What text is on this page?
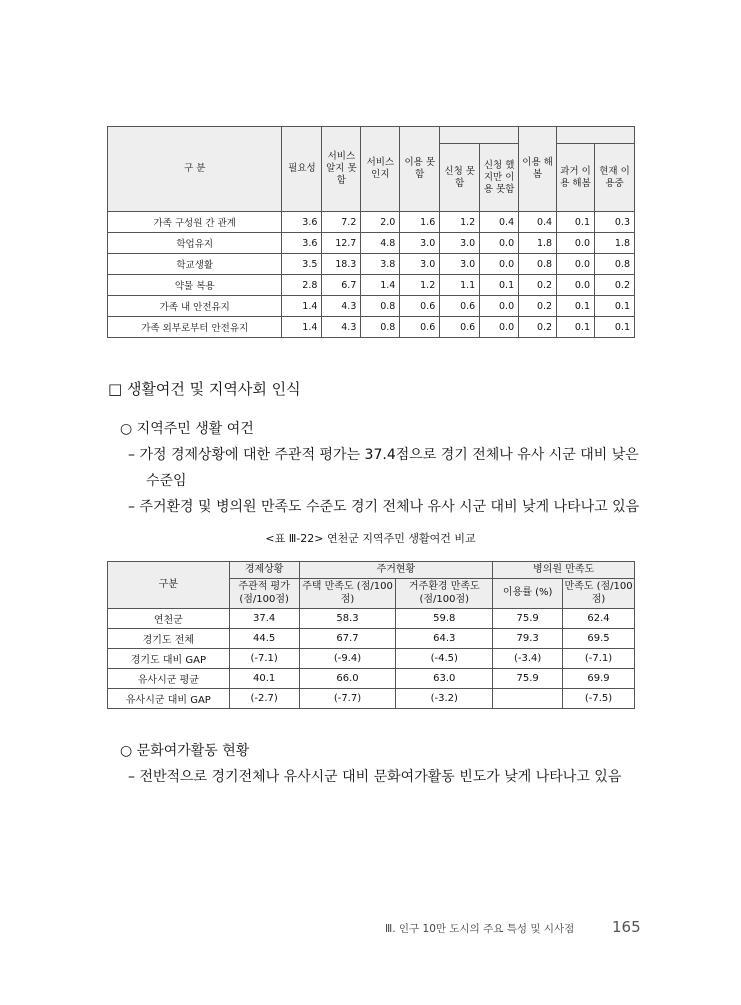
구 분	필요성	서비스 알지 못함	서비스 인지	이용 못함			이용 해봄		
					신청 못함	신청 했지만 이용 못함		과거 이용 해봄	현재 이용중
가족 구성원 간 관계	3.6	7.2	2.0	1.6	1.2	0.4	0.4	0.1	0.3
학업유지	3.6	12.7	4.8	3.0	3.0	0.0	1.8	0.0	1.8
학교생활	3.5	18.3	3.8	3.0	3.0	0.0	0.8	0.0	0.8
약물 복용	2.8	6.7	1.4	1.2	1.1	0.1	0.2	0.0	0.2
가족 내 안전유지	1.4	4.3	0.8	0.6	0.6	0.0	0.2	0.1	0.1
가족 외부로부터 안전유지	1.4	4.3	0.8	0.6	0.6	0.0	0.2	0.1	0.1
□ 생활여건 및 지역사회 인식
○ 지역주민 생활 여건
– 가정 경제상황에 대한 주관적 평가는 37.4점으로 경기 전체나 유사 시군 대비 낮은
수준임
– 주거환경 및 병의원 만족도 수준도 경기 전체나 유사 시군 대비 낮게 나타나고 있음
<표 Ⅲ-22> 연천군 지역주민 생활여건 비교
구분	경제상황	주거현황		병의원 만족도	
	주관적 평가 (점/100점)	주택 만족도 (점/100점)	거주환경 만족도 (점/100점)	이용률 (%)	만족도 (점/100점)
연천군	37.4	58.3	59.8	75.9	62.4
경기도 전체	44.5	67.7	64.3	79.3	69.5
경기도 대비 GAP	(-7.1)	(-9.4)	(-4.5)	(-3.4)	(-7.1)
유사시군 평균	40.1	66.0	63.0	75.9	69.9
유사시군 대비 GAP	(-2.7)	(-7.7)	(-3.2)		(-7.5)
○ 문화여가활동 현황
– 전반적으로 경기전체나 유사시군 대비 문화여가활동 빈도가 낮게 나타나고 있음
Ⅲ. 인구 10만 도시의 주요 특성 및 시사점	165
